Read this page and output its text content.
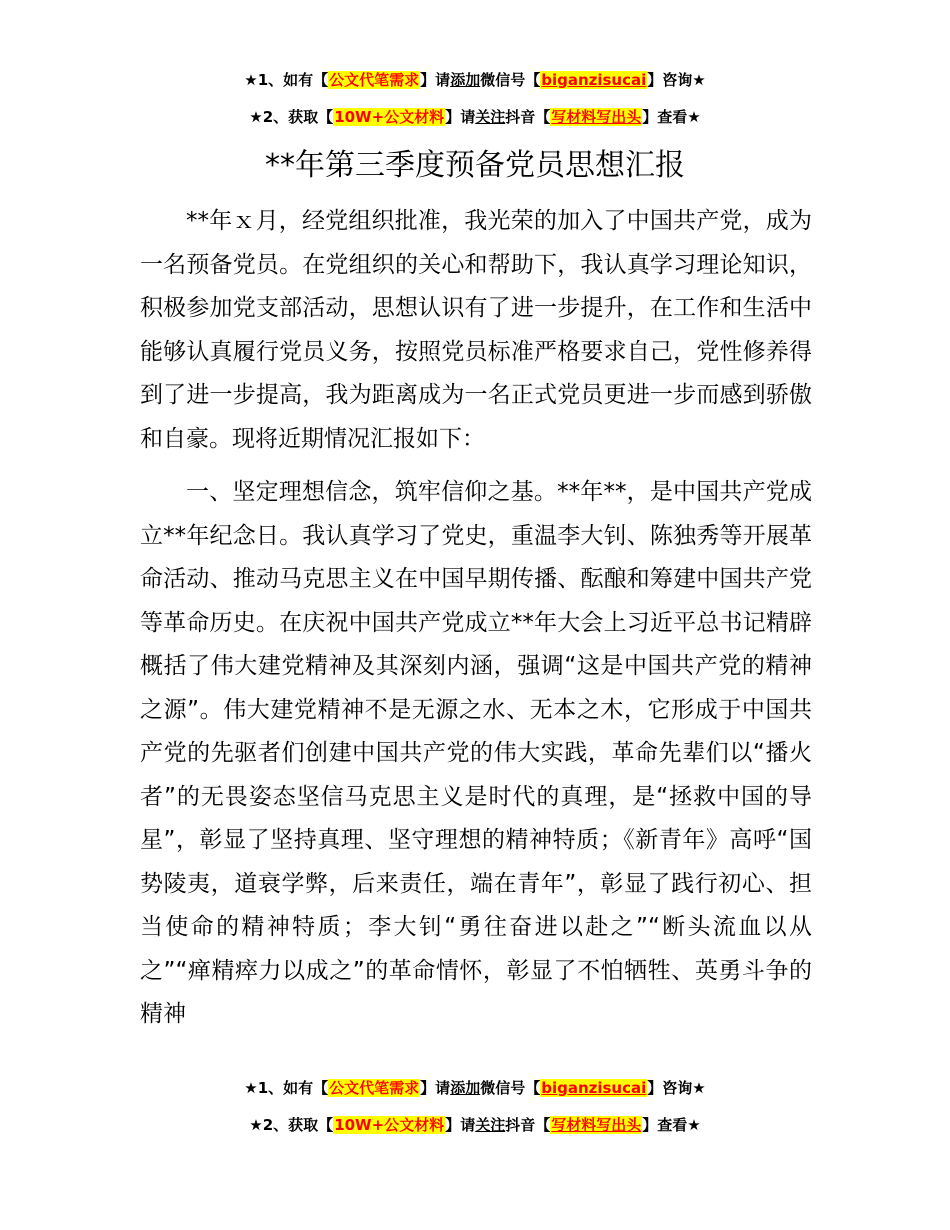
★1、如有【公文代笔需求】请添加微信号【biganzisucai】咨询★
★2、获取【10W+公文材料】请关注抖音【写材料写出头】查看★
**年第三季度预备党员思想汇报

**年ｘ月，经党组织批准，我光荣的加入了中国共产党，成为一名预备党员。在党组织的关心和帮助下，我认真学习理论知识，积极参加党支部活动，思想认识有了进一步提升，在工作和生活中能够认真履行党员义务，按照党员标准严格要求自己，党性修养得到了进一步提高，我为距离成为一名正式党员更进一步而感到骄傲和自豪。现将近期情况汇报如下：

一、坚定理想信念，筑牢信仰之基。**年**，是中国共产党成立**年纪念日。我认真学习了党史，重温李大钊、陈独秀等开展革命活动、推动马克思主义在中国早期传播、酝酿和筹建中国共产党等革命历史。在庆祝中国共产党成立**年大会上习近平总书记精辟概括了伟大建党精神及其深刻内涵，强调“这是中国共产党的精神之源”。伟大建党精神不是无源之水、无本之木，它形成于中国共产党的先驱者们创建中国共产党的伟大实践，革命先辈们以“播火者”的无畏姿态坚信马克思主义是时代的真理，是“拯救中国的导星”，彰显了坚持真理、坚守理想的精神特质；《新青年》高呼“国势陵夷，道衰学弊，后来责任，端在青年”，彰显了践行初心、担当使命的精神特质；李大钊“勇往奋进以赴之”“断头流血以从之”“瘅精瘁力以成之”的革命情怀，彰显了不怕牺牲、英勇斗争的精神

★1、如有【公文代笔需求】请添加微信号【biganzisucai】咨询★
★2、获取【10W+公文材料】请关注抖音【写材料写出头】查看★
